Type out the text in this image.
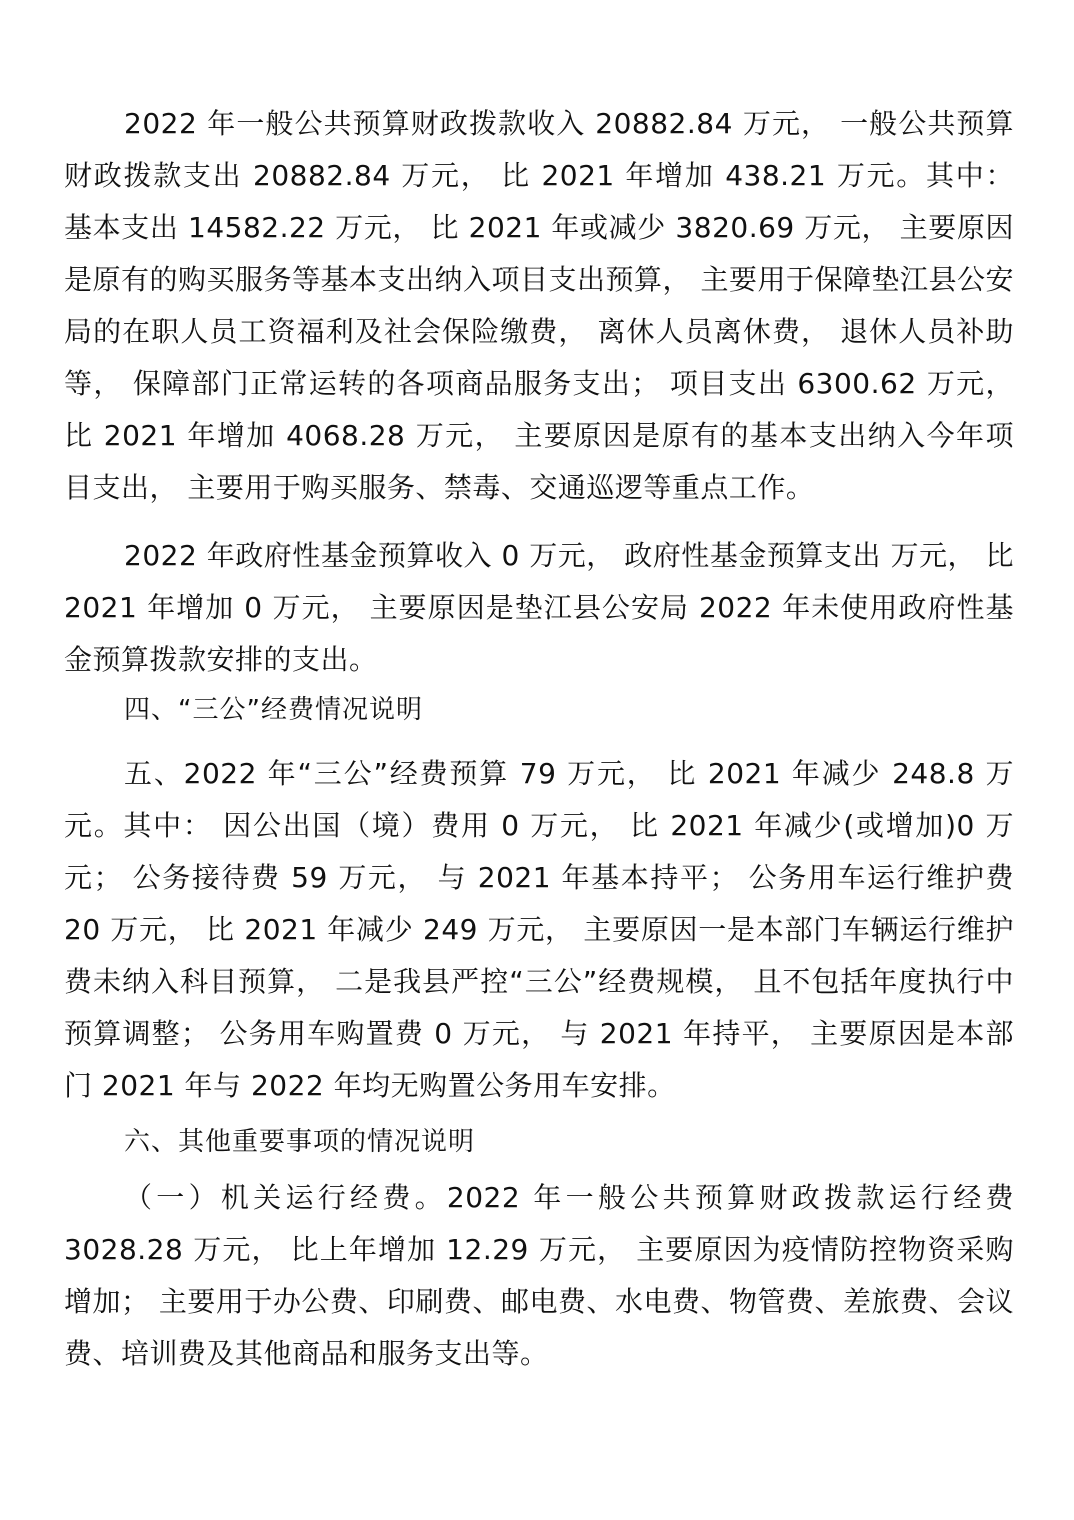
2022 年一般公共预算财政拨款收入 20882.84 万元， 一般公共预算财政拨款支出 20882.84 万元， 比 2021 年增加 438.21 万元。其中： 基本支出 14582.22 万元， 比 2021 年或减少 3820.69 万元， 主要原因是原有的购买服务等基本支出纳入项目支出预算， 主要用于保障垫江县公安局的在职人员工资福利及社会保险缴费， 离休人员离休费， 退休人员补助等， 保障部门正常运转的各项商品服务支出； 项目支出 6300.62 万元， 比 2021 年增加 4068.28 万元， 主要原因是原有的基本支出纳入今年项目支出， 主要用于购买服务、禁毒、交通巡逻等重点工作。

2022 年政府性基金预算收入 0 万元， 政府性基金预算支出 万元， 比 2021 年增加 0 万元， 主要原因是垫江县公安局 2022 年未使用政府性基金预算拨款安排的支出。

四、“三公”经费情况说明

五、2022 年“三公”经费预算 79 万元， 比 2021 年减少 248.8 万元。其中： 因公出国（境）费用 0 万元， 比 2021 年减少(或增加)0 万元； 公务接待费 59 万元， 与 2021 年基本持平； 公务用车运行维护费 20 万元， 比 2021 年减少 249 万元， 主要原因一是本部门车辆运行维护费未纳入科目预算， 二是我县严控“三公”经费规模， 且不包括年度执行中预算调整； 公务用车购置费 0 万元， 与 2021 年持平， 主要原因是本部门 2021 年与 2022 年均无购置公务用车安排。

六、其他重要事项的情况说明

（一）机关运行经费。2022 年一般公共预算财政拨款运行经费 3028.28 万元， 比上年增加 12.29 万元， 主要原因为疫情防控物资采购增加； 主要用于办公费、印刷费、邮电费、水电费、物管费、差旅费、会议费、培训费及其他商品和服务支出等。
